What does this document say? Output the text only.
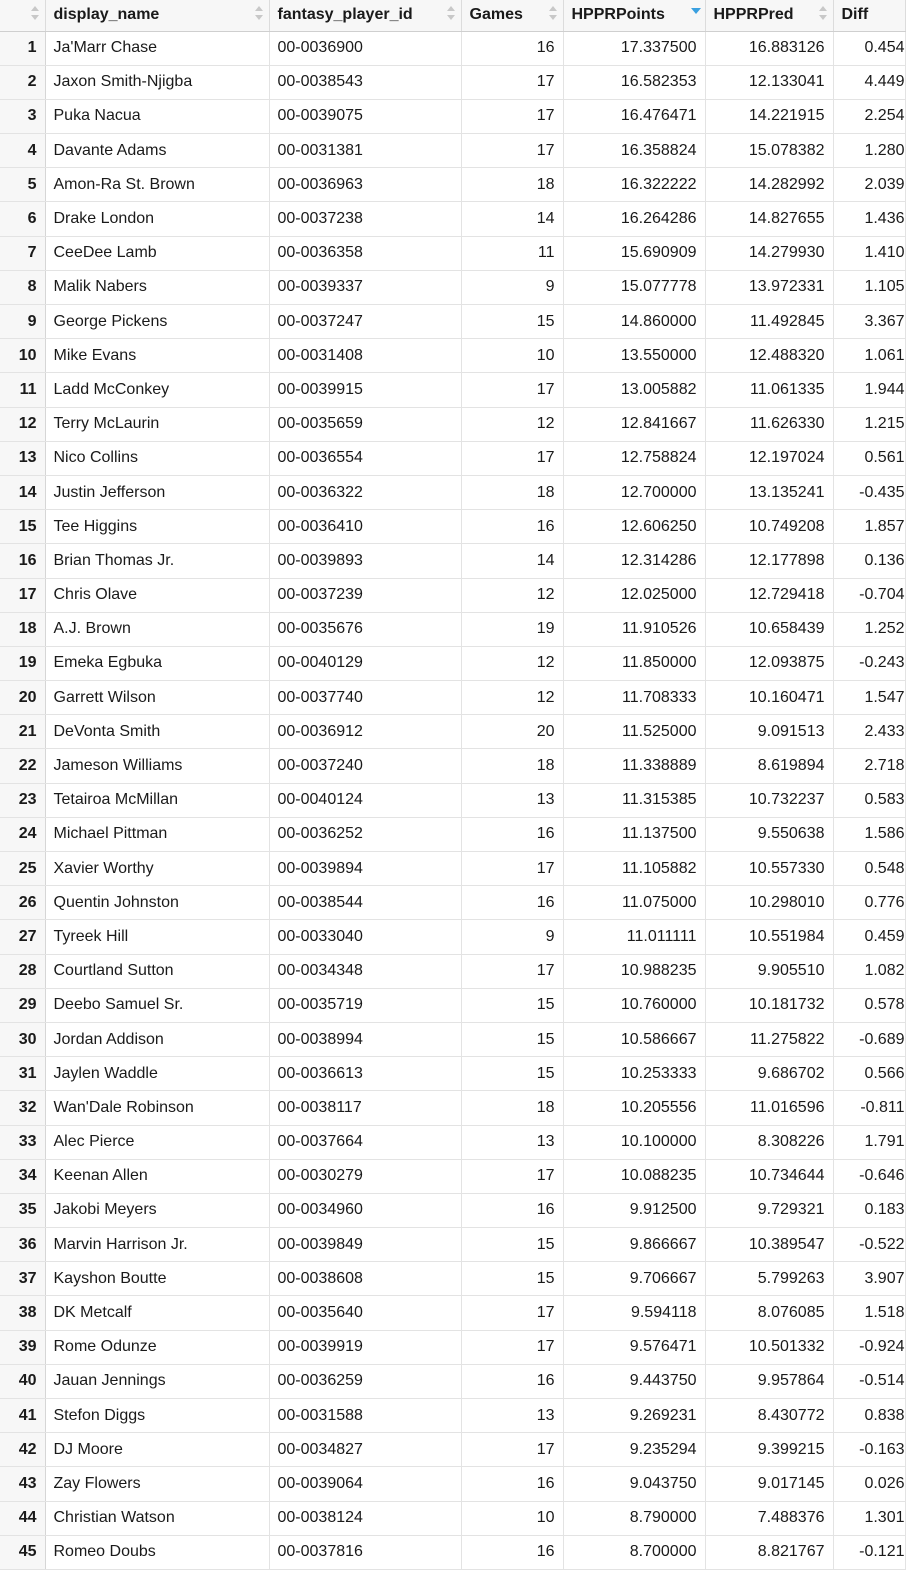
	display_name	fantasy_player_id	Games	HPPRPoints	HPPRPred	Diff
1	Ja'Marr Chase	00-0036900	16	17.337500	16.883126	0.454
2	Jaxon Smith-Njigba	00-0038543	17	16.582353	12.133041	4.449
3	Puka Nacua	00-0039075	17	16.476471	14.221915	2.254
4	Davante Adams	00-0031381	17	16.358824	15.078382	1.280
5	Amon-Ra St. Brown	00-0036963	18	16.322222	14.282992	2.039
6	Drake London	00-0037238	14	16.264286	14.827655	1.436
7	CeeDee Lamb	00-0036358	11	15.690909	14.279930	1.410
8	Malik Nabers	00-0039337	9	15.077778	13.972331	1.105
9	George Pickens	00-0037247	15	14.860000	11.492845	3.367
10	Mike Evans	00-0031408	10	13.550000	12.488320	1.061
11	Ladd McConkey	00-0039915	17	13.005882	11.061335	1.944
12	Terry McLaurin	00-0035659	12	12.841667	11.626330	1.215
13	Nico Collins	00-0036554	17	12.758824	12.197024	0.561
14	Justin Jefferson	00-0036322	18	12.700000	13.135241	-0.435
15	Tee Higgins	00-0036410	16	12.606250	10.749208	1.857
16	Brian Thomas Jr.	00-0039893	14	12.314286	12.177898	0.136
17	Chris Olave	00-0037239	12	12.025000	12.729418	-0.704
18	A.J. Brown	00-0035676	19	11.910526	10.658439	1.252
19	Emeka Egbuka	00-0040129	12	11.850000	12.093875	-0.243
20	Garrett Wilson	00-0037740	12	11.708333	10.160471	1.547
21	DeVonta Smith	00-0036912	20	11.525000	9.091513	2.433
22	Jameson Williams	00-0037240	18	11.338889	8.619894	2.718
23	Tetairoa McMillan	00-0040124	13	11.315385	10.732237	0.583
24	Michael Pittman	00-0036252	16	11.137500	9.550638	1.586
25	Xavier Worthy	00-0039894	17	11.105882	10.557330	0.548
26	Quentin Johnston	00-0038544	16	11.075000	10.298010	0.776
27	Tyreek Hill	00-0033040	9	11.011111	10.551984	0.459
28	Courtland Sutton	00-0034348	17	10.988235	9.905510	1.082
29	Deebo Samuel Sr.	00-0035719	15	10.760000	10.181732	0.578
30	Jordan Addison	00-0038994	15	10.586667	11.275822	-0.689
31	Jaylen Waddle	00-0036613	15	10.253333	9.686702	0.566
32	Wan'Dale Robinson	00-0038117	18	10.205556	11.016596	-0.811
33	Alec Pierce	00-0037664	13	10.100000	8.308226	1.791
34	Keenan Allen	00-0030279	17	10.088235	10.734644	-0.646
35	Jakobi Meyers	00-0034960	16	9.912500	9.729321	0.183
36	Marvin Harrison Jr.	00-0039849	15	9.866667	10.389547	-0.522
37	Kayshon Boutte	00-0038608	15	9.706667	5.799263	3.907
38	DK Metcalf	00-0035640	17	9.594118	8.076085	1.518
39	Rome Odunze	00-0039919	17	9.576471	10.501332	-0.924
40	Jauan Jennings	00-0036259	16	9.443750	9.957864	-0.514
41	Stefon Diggs	00-0031588	13	9.269231	8.430772	0.838
42	DJ Moore	00-0034827	17	9.235294	9.399215	-0.163
43	Zay Flowers	00-0039064	16	9.043750	9.017145	0.026
44	Christian Watson	00-0038124	10	8.790000	7.488376	1.301
45	Romeo Doubs	00-0037816	16	8.700000	8.821767	-0.121
